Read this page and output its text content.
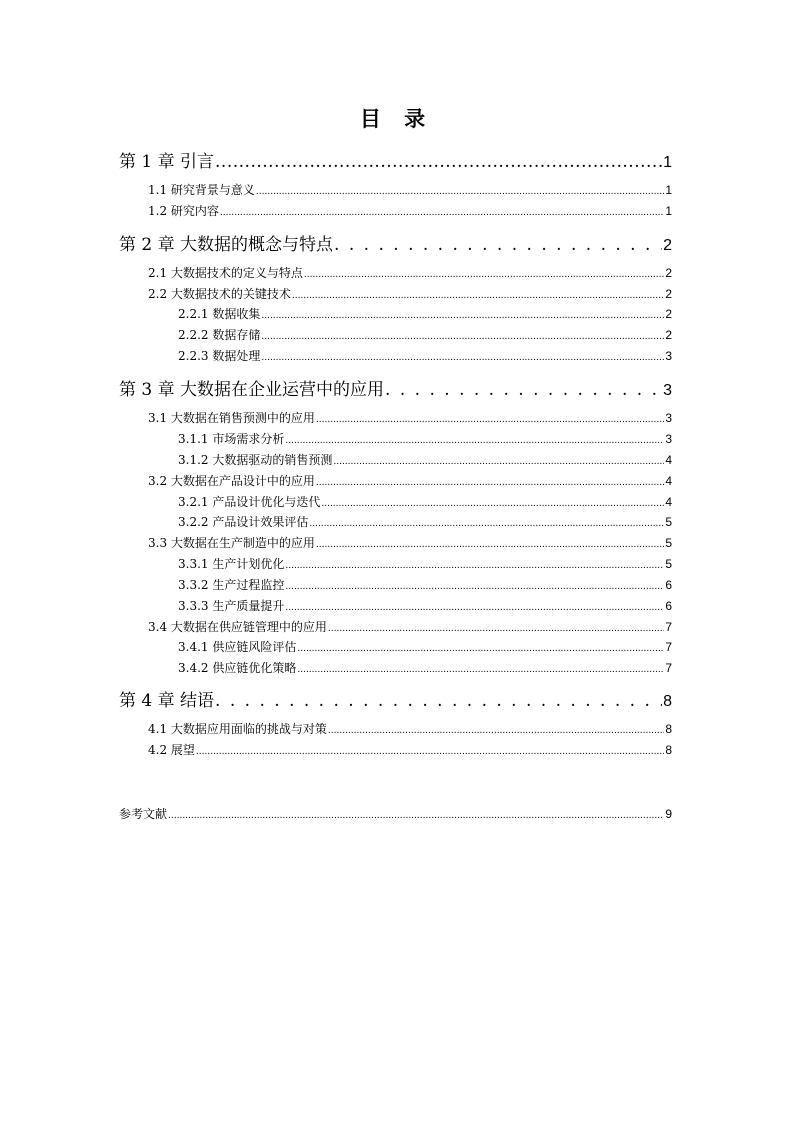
目 录
第 1 章 引言 .....	1
1.1 研究背景与意义 .....	1
1.2 研究内容 .....	1
第 2 章 大数据的概念与特点 . . .	2
2.1 大数据技术的定义与特点 .....	2
2.2 大数据技术的关键技术 .....	2
2.2.1 数据收集 .....	2
2.2.2 数据存储 .....	2
2.2.3 数据处理 .....	3
第 3 章 大数据在企业运营中的应用 . . .	3
3.1 大数据在销售预测中的应用 .....	3
3.1.1 市场需求分析 .....	3
3.1.2 大数据驱动的销售预测 .....	4
3.2 大数据在产品设计中的应用 .....	4
3.2.1 产品设计优化与迭代 .....	4
3.2.2 产品设计效果评估 .....	5
3.3 大数据在生产制造中的应用 .....	5
3.3.1 生产计划优化 .....	5
3.3.2 生产过程监控 .....	6
3.3.3 生产质量提升 .....	6
3.4 大数据在供应链管理中的应用 .....	7
3.4.1 供应链风险评估 .....	7
3.4.2 供应链优化策略 .....	7
第 4 章 结语 . . .	8
4.1 大数据应用面临的挑战与对策 .....	8
4.2 展望 .....	8
参考文献 .....	9
